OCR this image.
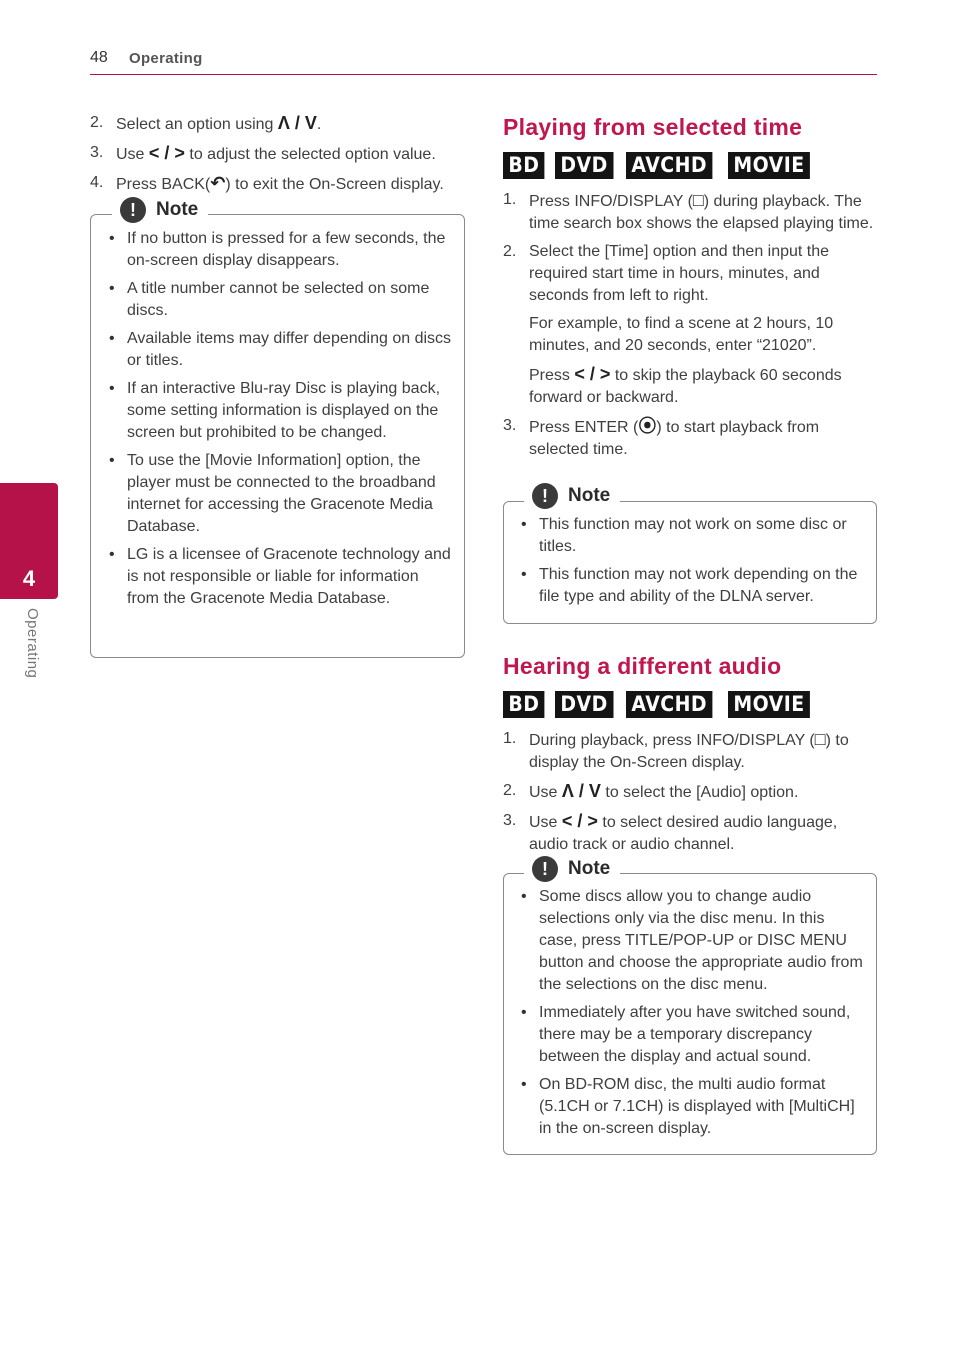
48 Operating
4
Operating
2. Select an option using Λ / V.
3. Use < / > to adjust the selected option value.
4. Press BACK(↶) to exit the On-Screen display.
!	Note
• If no button is pressed for a few seconds, the on-screen display disappears.
• A title number cannot be selected on some discs.
• Available items may differ depending on discs or titles.
• If an interactive Blu-ray Disc is playing back, some setting information is displayed on the screen but prohibited to be changed.
• To use the [Movie Information] option, the player must be connected to the broadband internet for accessing the Gracenote Media Database.
• LG is a licensee of Gracenote technology and is not responsible or liable for information from the Gracenote Media Database.
Playing from selected time
BD DVD AVCHD MOVIE
1. Press INFO/DISPLAY (□) during playback. The time search box shows the elapsed playing time.
2. Select the [Time] option and then input the required start time in hours, minutes, and seconds from left to right.
For example, to find a scene at 2 hours, 10 minutes, and 20 seconds, enter “21020”.
Press < / > to skip the playback 60 seconds forward or backward.
3. Press ENTER (⦿) to start playback from selected time.
!	Note
• This function may not work on some disc or titles.
• This function may not work depending on the file type and ability of the DLNA server.
Hearing a different audio
BD DVD AVCHD MOVIE
1. During playback, press INFO/DISPLAY (□) to display the On-Screen display.
2. Use Λ / V to select the [Audio] option.
3. Use < / > to select desired audio language, audio track or audio channel.
!	Note
• Some discs allow you to change audio selections only via the disc menu. In this case, press TITLE/POP-UP or DISC MENU button and choose the appropriate audio from the selections on the disc menu.
• Immediately after you have switched sound, there may be a temporary discrepancy between the display and actual sound.
• On BD-ROM disc, the multi audio format (5.1CH or 7.1CH) is displayed with [MultiCH] in the on-screen display.
